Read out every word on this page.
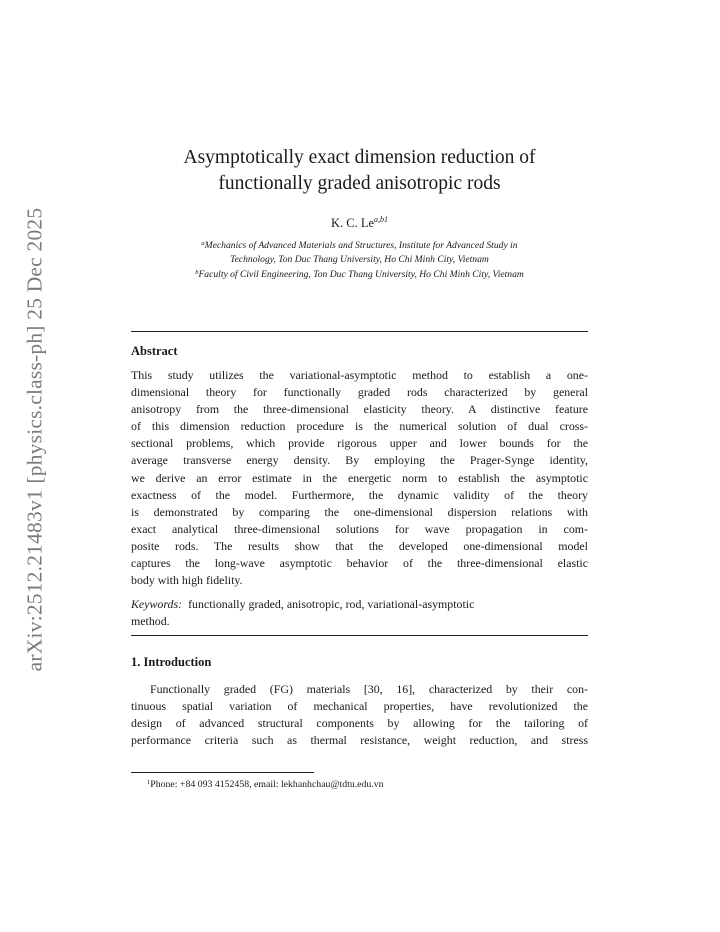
arXiv:2512.21483v1 [physics.class-ph] 25 Dec 2025
Asymptotically exact dimension reduction of
functionally graded anisotropic rods
K. C. $Le^{a,b1}$
$^a$Mechanics of Advanced Materials and Structures, Institute for Advanced Study in
Technology, Ton Duc Thang University, Ho Chi Minh City, Vietnam
$^b$Faculty of Civil Engineering, Ton Duc Thang University, Ho Chi Minh City, Vietnam
Abstract
This study utilizes the variational-asymptotic method to establish a one-
dimensional theory for functionally graded rods characterized by general
anisotropy from the three-dimensional elasticity theory. A distinctive feature
of this dimension reduction procedure is the numerical solution of dual cross-
sectional problems, which provide rigorous upper and lower bounds for the
average transverse energy density. By employing the Prager-Synge identity,
we derive an error estimate in the energetic norm to establish the asymptotic
exactness of the model. Furthermore, the dynamic validity of the theory
is demonstrated by comparing the one-dimensional dispersion relations with
exact analytical three-dimensional solutions for wave propagation in com-
posite rods. The results show that the developed one-dimensional model
captures the long-wave asymptotic behavior of the three-dimensional elastic
body with high fidelity.
Keywords: functionally graded, anisotropic, rod, variational-asymptotic
method.
1. Introduction
Functionally graded (FG) materials [30, 16], characterized by their con-
tinuous spatial variation of mechanical properties, have revolutionized the
design of advanced structural components by allowing for the tailoring of
performance criteria such as thermal resistance, weight reduction, and stress
$^1$Phone: +84 093 4152458, email: lekhanhchau@tdtu.edu.vn
